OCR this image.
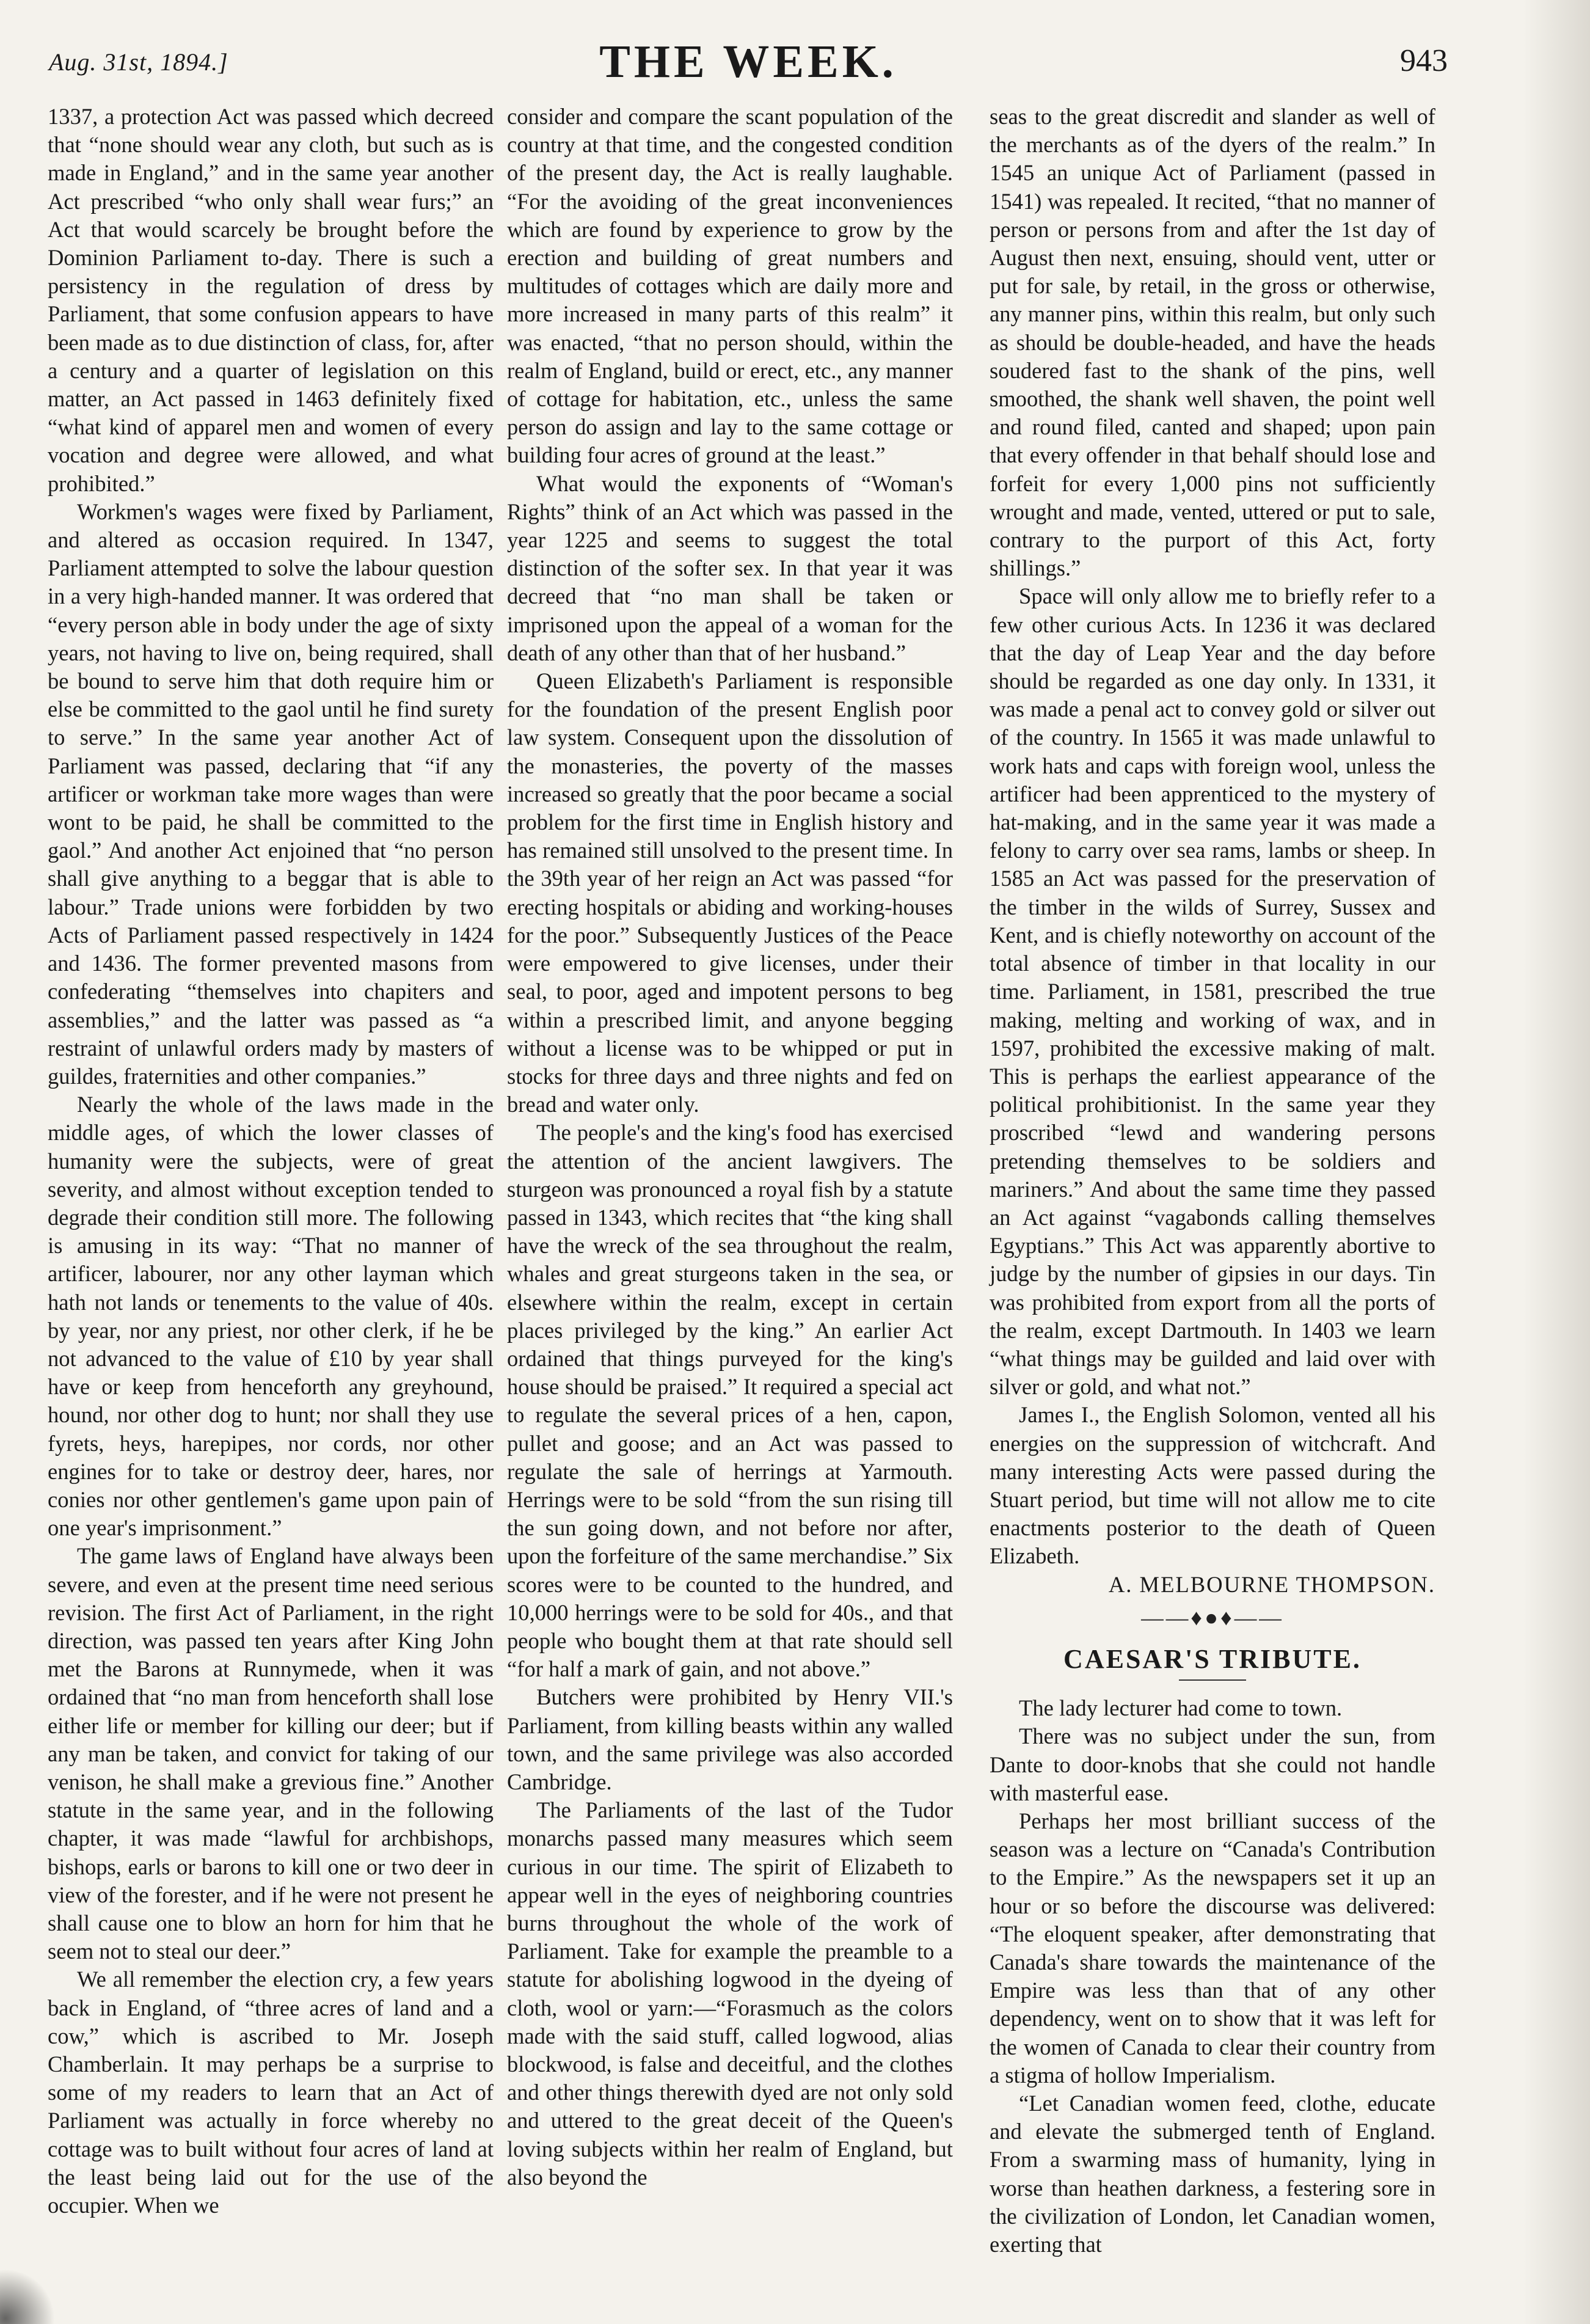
Aug. 31st, 1894.]	THE WEEK.	943

1337, a protection Act was passed which decreed that “none should wear any cloth, but such as is made in England,” and in the same year another Act prescribed “who only shall wear furs;” an Act that would scarcely be brought before the Dominion Parliament to-day. There is such a persistency in the regulation of dress by Parliament, that some confusion appears to have been made as to due distinction of class, for, after a century and a quarter of legislation on this matter, an Act passed in 1463 definitely fixed “what kind of apparel men and women of every vocation and degree were allowed, and what prohibited.”

Workmen's wages were fixed by Parliament, and altered as occasion required. In 1347, Parliament attempted to solve the labour question in a very high-handed manner. It was ordered that “every person able in body under the age of sixty years, not having to live on, being required, shall be bound to serve him that doth require him or else be committed to the gaol until he find surety to serve.” In the same year another Act of Parliament was passed, declaring that “if any artificer or workman take more wages than were wont to be paid, he shall be committed to the gaol.” And another Act enjoined that “no person shall give anything to a beggar that is able to labour.” Trade unions were forbidden by two Acts of Parliament passed respectively in 1424 and 1436. The former prevented masons from confederating “themselves into chapiters and assemblies,” and the latter was passed as “a restraint of unlawful orders mady by masters of guildes, fraternities and other companies.”

Nearly the whole of the laws made in the middle ages, of which the lower classes of humanity were the subjects, were of great severity, and almost without exception tended to degrade their condition still more. The following is amusing in its way: “That no manner of artificer, labourer, nor any other layman which hath not lands or tenements to the value of 40s. by year, nor any priest, nor other clerk, if he be not advanced to the value of £10 by year shall have or keep from henceforth any greyhound, hound, nor other dog to hunt; nor shall they use fyrets, heys, harepipes, nor cords, nor other engines for to take or destroy deer, hares, nor conies nor other gentlemen's game upon pain of one year's imprisonment.”

The game laws of England have always been severe, and even at the present time need serious revision. The first Act of Parliament, in the right direction, was passed ten years after King John met the Barons at Runnymede, when it was ordained that “no man from henceforth shall lose either life or member for killing our deer; but if any man be taken, and convict for taking of our venison, he shall make a grevious fine.” Another statute in the same year, and in the following chapter, it was made “lawful for archbishops, bishops, earls or barons to kill one or two deer in view of the forester, and if he were not present he shall cause one to blow an horn for him that he seem not to steal our deer.”

We all remember the election cry, a few years back in England, of “three acres of land and a cow,” which is ascribed to Mr. Joseph Chamberlain. It may perhaps be a surprise to some of my readers to learn that an Act of Parliament was actually in force whereby no cottage was to built without four acres of land at the least being laid out for the use of the occupier. When we

consider and compare the scant population of the country at that time, and the congested condition of the present day, the Act is really laughable. “For the avoiding of the great inconveniences which are found by experience to grow by the erection and building of great numbers and multitudes of cottages which are daily more and more increased in many parts of this realm” it was enacted, “that no person should, within the realm of England, build or erect, etc., any manner of cottage for habitation, etc., unless the same person do assign and lay to the same cottage or building four acres of ground at the least.”

What would the exponents of “Woman's Rights” think of an Act which was passed in the year 1225 and seems to suggest the total distinction of the softer sex. In that year it was decreed that “no man shall be taken or imprisoned upon the appeal of a woman for the death of any other than that of her husband.”

Queen Elizabeth's Parliament is responsible for the foundation of the present English poor law system. Consequent upon the dissolution of the monasteries, the poverty of the masses increased so greatly that the poor became a social problem for the first time in English history and has remained still unsolved to the present time. In the 39th year of her reign an Act was passed “for erecting hospitals or abiding and working-houses for the poor.” Subsequently Justices of the Peace were empowered to give licenses, under their seal, to poor, aged and impotent persons to beg within a prescribed limit, and anyone begging without a license was to be whipped or put in stocks for three days and three nights and fed on bread and water only.

The people's and the king's food has exercised the attention of the ancient lawgivers. The sturgeon was pronounced a royal fish by a statute passed in 1343, which recites that “the king shall have the wreck of the sea throughout the realm, whales and great sturgeons taken in the sea, or elsewhere within the realm, except in certain places privileged by the king.” An earlier Act ordained that things purveyed for the king's house should be praised.” It required a special act to regulate the several prices of a hen, capon, pullet and goose; and an Act was passed to regulate the sale of herrings at Yarmouth. Herrings were to be sold “from the sun rising till the sun going down, and not before nor after, upon the forfeiture of the same merchandise.” Six scores were to be counted to the hundred, and 10,000 herrings were to be sold for 40s., and that people who bought them at that rate should sell “for half a mark of gain, and not above.”

Butchers were prohibited by Henry VII.'s Parliament, from killing beasts within any walled town, and the same privilege was also accorded Cambridge.

The Parliaments of the last of the Tudor monarchs passed many measures which seem curious in our time. The spirit of Elizabeth to appear well in the eyes of neighboring countries burns throughout the whole of the work of Parliament. Take for example the preamble to a statute for abolishing logwood in the dyeing of cloth, wool or yarn:—“Forasmuch as the colors made with the said stuff, called logwood, alias blockwood, is false and deceitful, and the clothes and other things therewith dyed are not only sold and uttered to the great deceit of the Queen's loving subjects within her realm of England, but also beyond the

seas to the great discredit and slander as well of the merchants as of the dyers of the realm.” In 1545 an unique Act of Parliament (passed in 1541) was repealed. It recited, “that no manner of person or persons from and after the 1st day of August then next, ensuing, should vent, utter or put for sale, by retail, in the gross or otherwise, any manner pins, within this realm, but only such as should be double-headed, and have the heads soudered fast to the shank of the pins, well smoothed, the shank well shaven, the point well and round filed, canted and shaped; upon pain that every offender in that behalf should lose and forfeit for every 1,000 pins not sufficiently wrought and made, vented, uttered or put to sale, contrary to the purport of this Act, forty shillings.”

Space will only allow me to briefly refer to a few other curious Acts. In 1236 it was declared that the day of Leap Year and the day before should be regarded as one day only. In 1331, it was made a penal act to convey gold or silver out of the country. In 1565 it was made unlawful to work hats and caps with foreign wool, unless the artificer had been apprenticed to the mystery of hat-making, and in the same year it was made a felony to carry over sea rams, lambs or sheep. In 1585 an Act was passed for the preservation of the timber in the wilds of Surrey, Sussex and Kent, and is chiefly noteworthy on account of the total absence of timber in that locality in our time. Parliament, in 1581, prescribed the true making, melting and working of wax, and in 1597, prohibited the excessive making of malt. This is perhaps the earliest appearance of the political prohibitionist. In the same year they proscribed “lewd and wandering persons pretending themselves to be soldiers and mariners.” And about the same time they passed an Act against “vagabonds calling themselves Egyptians.” This Act was apparently abortive to judge by the number of gipsies in our days. Tin was prohibited from export from all the ports of the realm, except Dartmouth. In 1403 we learn “what things may be guilded and laid over with silver or gold, and what not.”

James I., the English Solomon, vented all his energies on the suppression of witchcraft. And many interesting Acts were passed during the Stuart period, but time will not allow me to cite enactments posterior to the death of Queen Elizabeth.

A. MELBOURNE THOMPSON.

——♦●♦——
CAESAR'S TRIBUTE.

The lady lecturer had come to town.

There was no subject under the sun, from Dante to door-knobs that she could not handle with masterful ease.

Perhaps her most brilliant success of the season was a lecture on “Canada's Contribution to the Empire.” As the newspapers set it up an hour or so before the discourse was delivered: “The eloquent speaker, after demonstrating that Canada's share towards the maintenance of the Empire was less than that of any other dependency, went on to show that it was left for the women of Canada to clear their country from a stigma of hollow Imperialism.

“Let Canadian women feed, clothe, educate and elevate the submerged tenth of England. From a swarming mass of humanity, lying in worse than heathen darkness, a festering sore in the civilization of London, let Canadian women, exerting that
